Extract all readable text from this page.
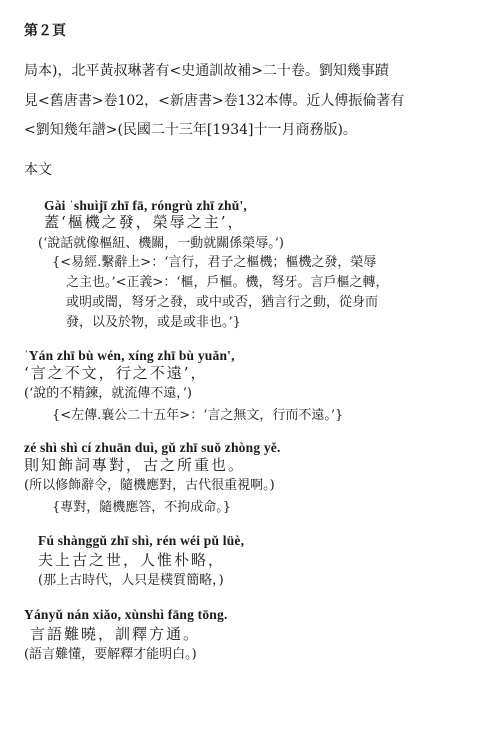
第２頁
局本)，北平黃叔琳著有<史通訓故補>二十卷。劉知幾事蹟
見<舊唐書>卷102，<新唐書>卷132本傳。近人傅振倫著有
<劉知幾年譜>(民國二十三年[1934]十一月商務版)。
本文
Gài ˈshuìjī zhī fā, róngrù zhī zhǔ',
蓋‘樞機之發，榮辱之主’，
(‘說話就像樞紐、機關，一動就關係榮辱。’)
{<易經.繫辭上>：‘言行，君子之樞機；樞機之發，榮辱
之主也。’<正義>：‘樞，戶樞。機，弩牙。言戶樞之轉，
或明或闇，弩牙之發，或中或否，猶言行之動，從身而
發，以及於物，或是或非也。’}
ˈYán zhī bù wén, xíng zhī bù yuǎn',
‘言之不文，行之不遠’，
(‘說的不精鍊，就流傳不遠，’)
{<左傳.襄公二十五年>：‘言之無文，行而不遠。’}
zé shì shì cí zhuān duì, gǔ zhī suǒ zhòng yě.
則知飾詞專對，古之所重也。
(所以修飾辭令，隨機應對，古代很重視啊。)
{專對，隨機應答，不拘成命。}
Fú shànggǔ zhī shì, rén wéi pǔ lüè,
夫上古之世，人惟朴略，
(那上古時代，人只是樸質簡略，)
Yányǔ nán xiǎo, xùnshì fāng tōng.
言語難曉，訓釋方通。
(語言難懂，要解釋才能明白。)
